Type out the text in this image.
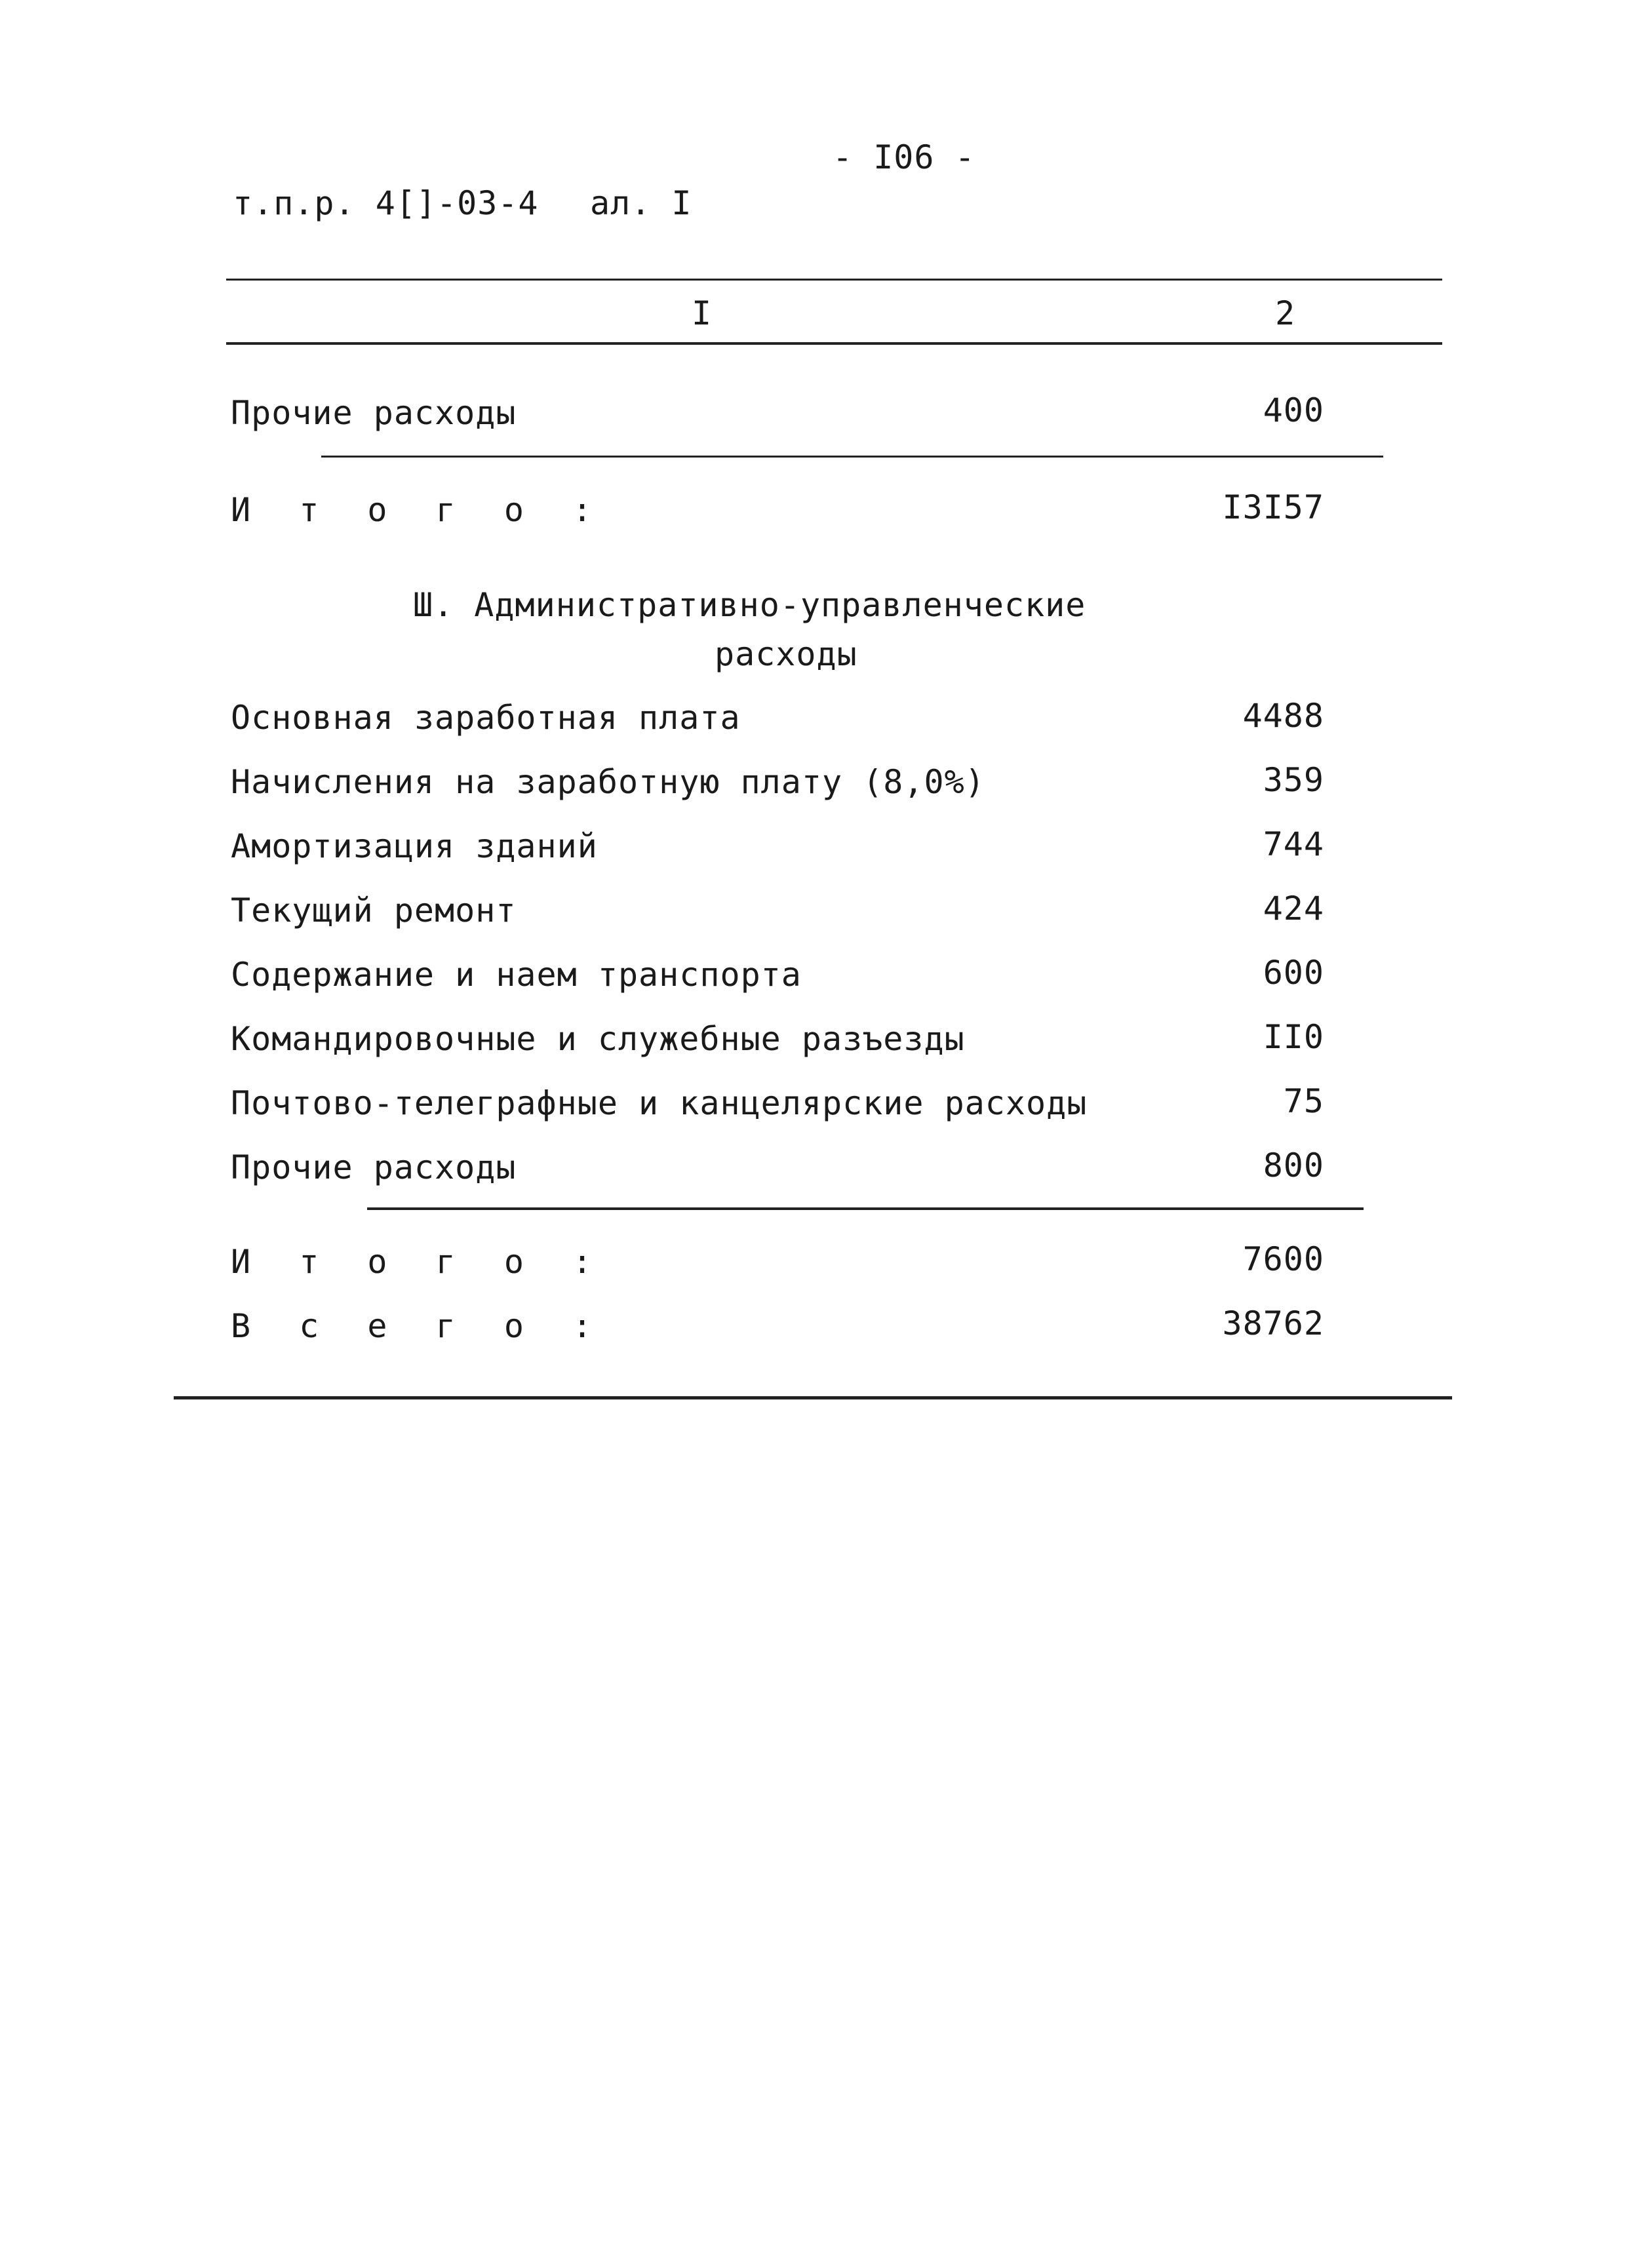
- I06 -
т.п.р. 4[]-03-4 ал. I
I	2
Прочие расходы	400
И т о г о :	I3I57
Ш. Административно-управленческие
расходы
Основная заработная плата	4488
Начисления на заработную плату (8,0%)	359
Амортизация зданий	744
Текущий ремонт	424
Содержание и наем транспорта	600
Командировочные и служебные разъезды	II0
Почтово-телеграфные и канцелярские расходы	75
Прочие расходы	800
И т о г о :	7600
В с е г о :	38762
